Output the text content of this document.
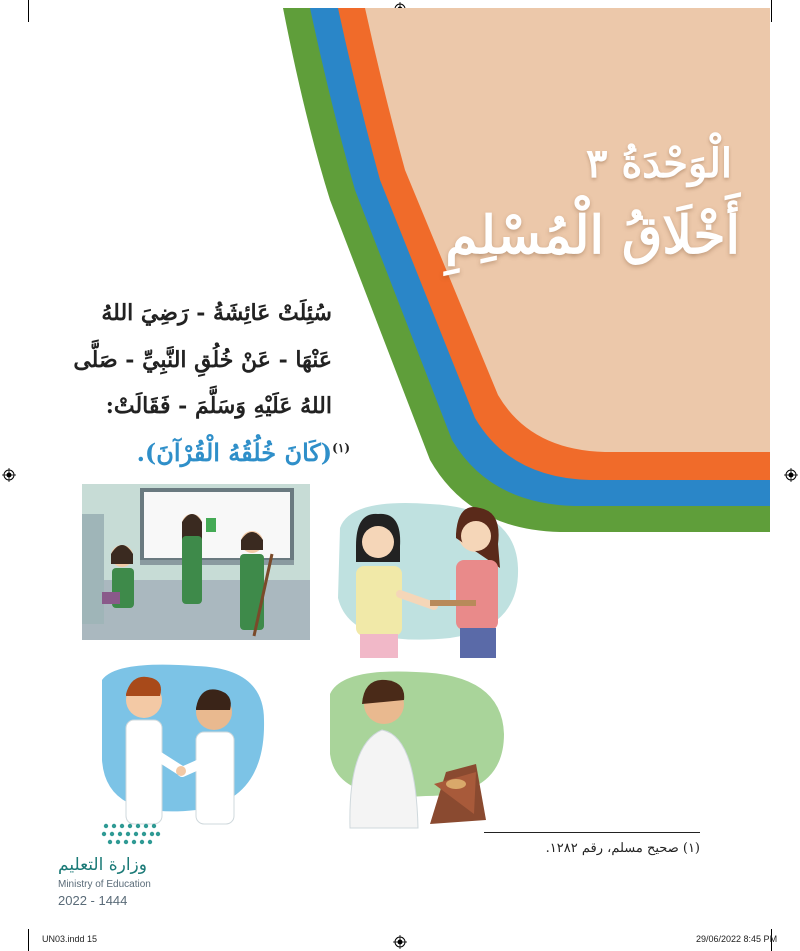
الْوَحْدَةُ ٣
أَخْلَاقُ الْمُسْلِمِ
سُئِلَتْ عَائِشَةُ - رَضِيَ اللهُ
عَنْهَا - عَنْ خُلُقِ النَّبِيِّ - صَلَّى
اللهُ عَلَيْهِ وَسَلَّمَ - فَقَالَتْ:
$^{(١)}$(كَانَ خُلُقُهُ الْقُرْآنَ).
(١) صحيح مسلم، رقم ١٢٨٢.
وزارة التعليم
Ministry of Education
2022 - 1444
UN03.indd 15	29/06/2022 8:45 PM
